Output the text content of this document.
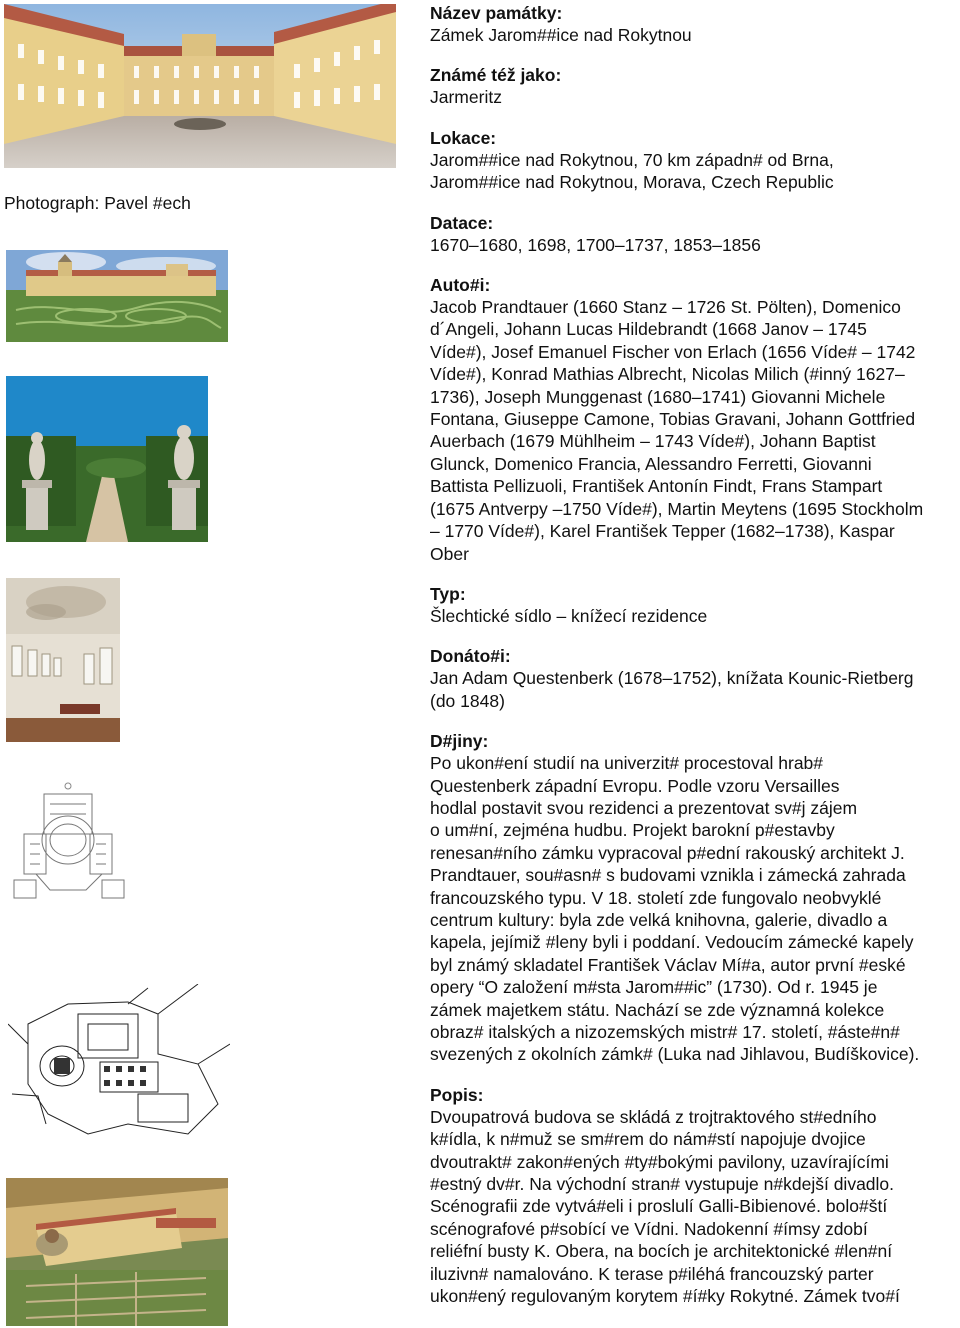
Photograph: Pavel #ech
Název památky:
Zámek Jarom##ice nad Rokytnou
Známé též jako:
Jarmeritz
Lokace:
Jarom##ice nad Rokytnou, 70 km západn# od Brna,
Jarom##ice nad Rokytnou, Morava, Czech Republic
Datace:
1670–1680, 1698, 1700–1737, 1853–1856
Auto#i:
Jacob Prandtauer (1660 Stanz – 1726 St. Pölten), Domenico
d´Angeli, Johann Lucas Hildebrandt (1668 Janov – 1745
Víde#), Josef Emanuel Fischer von Erlach (1656 Víde# – 1742
Víde#), Konrad Mathias Albrecht, Nicolas Milich (#inný 1627–
1736), Joseph Munggenast (1680–1741) Giovanni Michele
Fontana, Giuseppe Camone, Tobias Gravani, Johann Gottfried
Auerbach (1679 Mühlheim – 1743 Víde#), Johann Baptist
Glunck, Domenico Francia, Alessandro Ferretti, Giovanni
Battista Pellizuoli, František Antonín Findt, Frans Stampart
(1675 Antverpy –1750 Víde#), Martin Meytens (1695 Stockholm
– 1770 Víde#), Karel František Tepper (1682–1738), Kaspar
Ober
Typ:
Šlechtické sídlo – knížecí rezidence
Donáto#i:
Jan Adam Questenberk (1678–1752), knížata Kounic-Rietberg
(do 1848)
D#jiny:
Po ukon#ení studií na univerzit# procestoval hrab#
Questenberk západní Evropu. Podle vzoru Versailles
hodlal postavit svou rezidenci a prezentovat sv#j zájem
o um#ní, zejména hudbu. Projekt barokní p#estavby
renesan#ního zámku vypracoval p#ední rakouský architekt J.
Prandtauer, sou#asn# s budovami vznikla i zámecká zahrada
francouzského typu. V 18. století zde fungovalo neobvyklé
centrum kultury: byla zde velká knihovna, galerie, divadlo a
kapela, jejímiž #leny byli i poddaní. Vedoucím zámecké kapely
byl známý skladatel František Václav Mí#a, autor první #eské
opery “O založení m#sta Jarom##ic” (1730). Od r. 1945 je
zámek majetkem státu. Nachází se zde významná kolekce
obraz# italských a nizozemských mistr# 17. století, #áste#n#
svezených z okolních zámk# (Luka nad Jihlavou, Budíškovice).
Popis:
Dvoupatrová budova se skládá z trojtraktového st#edního
k#ídla, k n#muž se sm#rem do nám#stí napojuje dvojice
dvoutrakt# zakon#ených #ty#bokými pavilony, uzavírajícími
#estný dv#r. Na východní stran# vystupuje n#kdejší divadlo.
Scénografii zde vytvá#eli i proslulí Galli-Bibienové. bolo#ští
scénografové p#sobící ve Vídni. Nadokenní #ímsy zdobí
reliéfní busty K. Obera, na bocích je architektonické #len#ní
iluzivn# namalováno. K terase p#iléhá francouzský parter
ukon#ený regulovaným korytem #í#ky Rokytné. Zámek tvo#í
